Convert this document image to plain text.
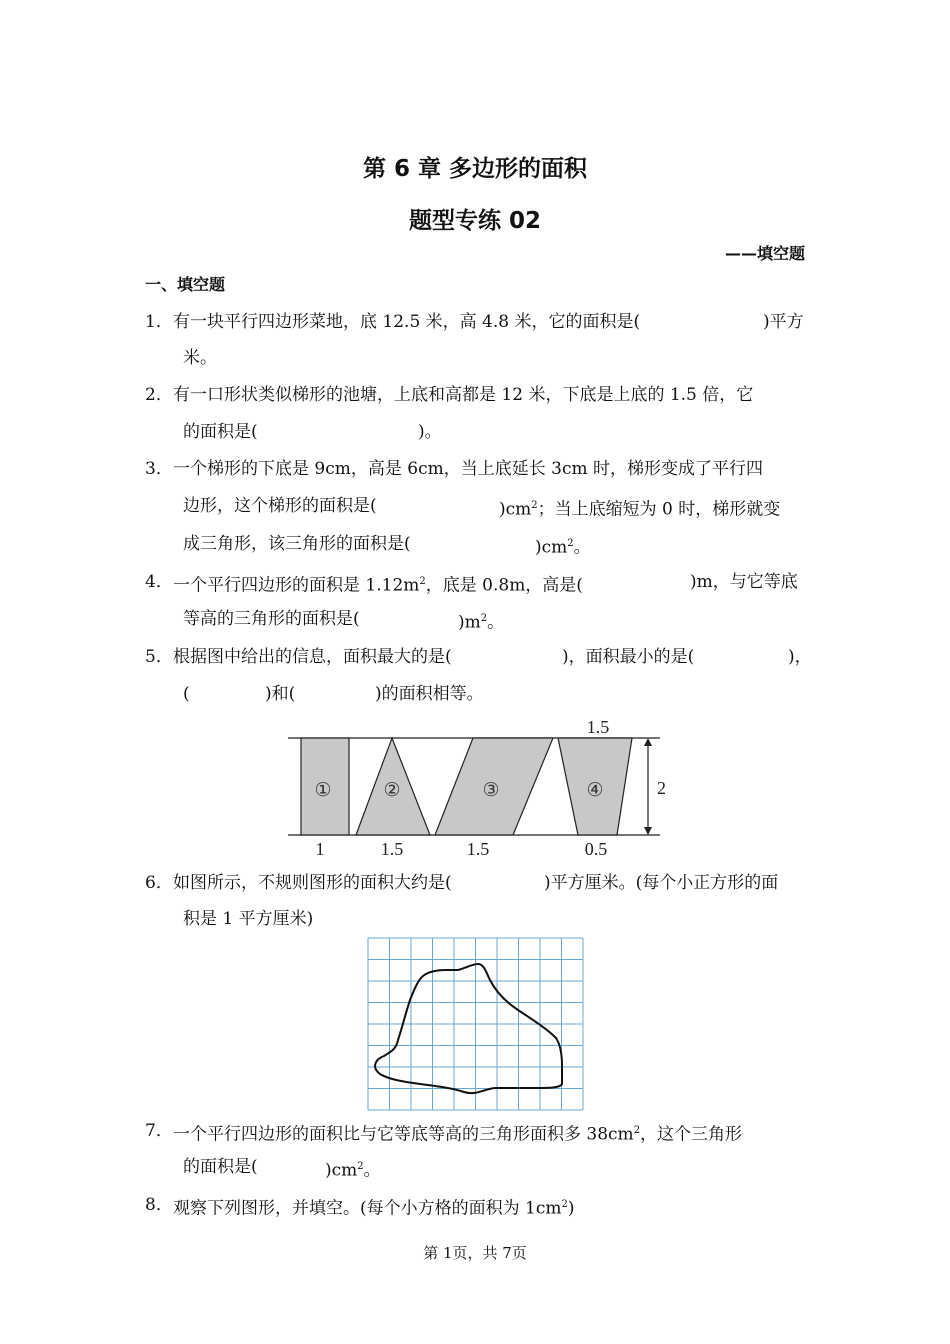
第 6 章 多边形的面积
题型专练 02
——填空题
一、填空题
1． 有一块平行四边形菜地，底 12.5 米，高 4.8 米，它的面积是(	)平方
米。
2． 有一口形状类似梯形的池塘，上底和高都是 12 米，下底是上底的 1.5 倍，它
的面积是(	)。
3． 一个梯形的下底是 9cm，高是 6cm，当上底延长 3cm 时，梯形变成了平行四
边形，这个梯形的面积是(	)$cm^2$；当上底缩短为 0 时，梯形就变
成三角形，该三角形的面积是(	)$cm^2$。
4． 一个平行四边形的面积是 $1.12m^2$，底是 0.8m，高是(	)m，与它等底
等高的三角形的面积是(	)$m^2$。
5． 根据图中给出的信息，面积最大的是(	)，面积最小的是(	)，
(	)和(	)的面积相等。
①	②	③	④
1.5
2
1	1.5	1.5	0.5
6． 如图所示，不规则图形的面积大约是(	)平方厘米。(每个小正方形的面
积是 1 平方厘米)
7． 一个平行四边形的面积比与它等底等高的三角形面积多 $38cm^2$，这个三角形
的面积是(	)$cm^2$。
8． 观察下列图形，并填空。(每个小方格的面积为 $1cm^2$)
第 1页，共 7页
